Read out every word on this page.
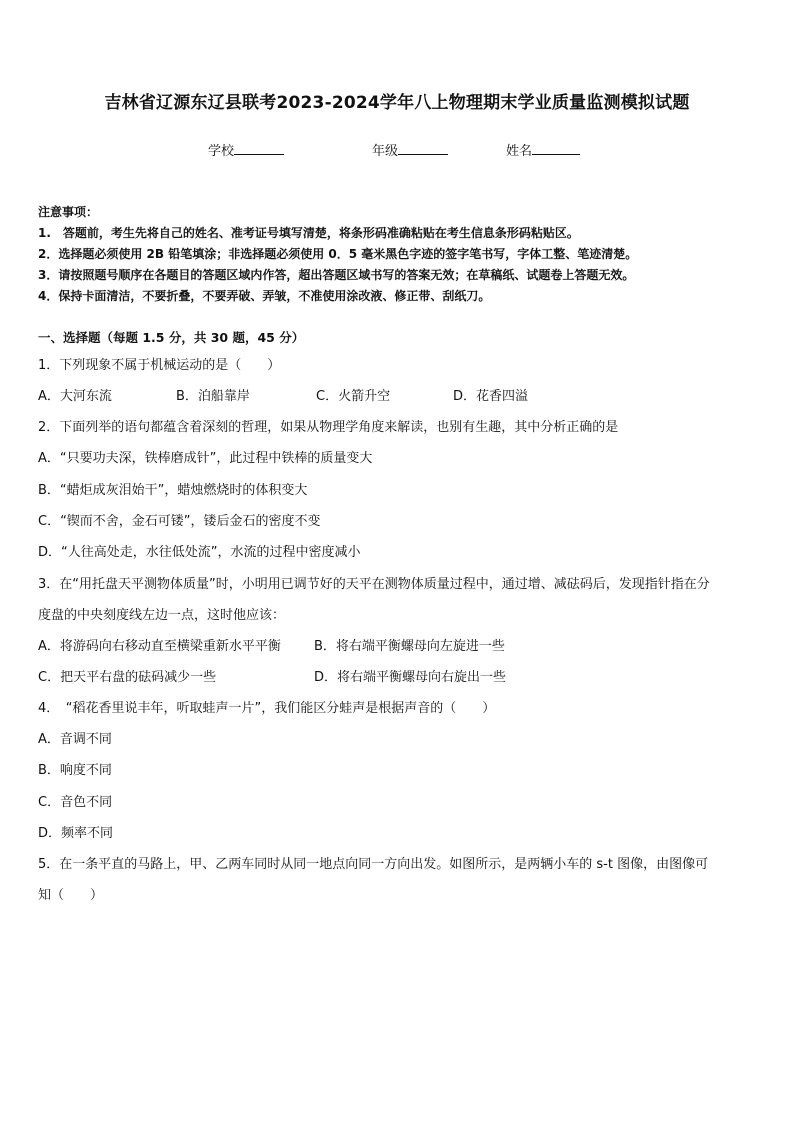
吉林省辽源东辽县联考2023-2024学年八上物理期末学业质量监测模拟试题
学校	年级	姓名
注意事项：
1.　答题前，考生先将自己的姓名、准考证号填写清楚，将条形码准确粘贴在考生信息条形码粘贴区。
2．选择题必须使用 2B 铅笔填涂；非选择题必须使用 0．5 毫米黑色字迹的签字笔书写，字体工整、笔迹清楚。
3．请按照题号顺序在各题目的答题区域内作答，超出答题区域书写的答案无效；在草稿纸、试题卷上答题无效。
4．保持卡面清洁，不要折叠，不要弄破、弄皱，不准使用涂改液、修正带、刮纸刀。
一、选择题（每题 1.5 分，共 30 题，45 分）
1．下列现象不属于机械运动的是（　　）
A．大河东流	B．泊船靠岸	C．火箭升空	D．花香四溢
2．下面列举的语句都蕴含着深刻的哲理，如果从物理学角度来解读，也别有生趣，其中分析正确的是
A．“只要功夫深，铁棒磨成针”，此过程中铁棒的质量变大
B．“蜡炬成灰泪始干”，蜡烛燃烧时的体积变大
C．“锲而不舍，金石可镂”，镂后金石的密度不变
D．“人往高处走，水往低处流”，水流的过程中密度减小
3．在“用托盘天平测物体质量”时，小明用已调节好的天平在测物体质量过程中，通过增、减砝码后，发现指针指在分
度盘的中央刻度线左边一点，这时他应该：
A．将游码向右移动直至横梁重新水平平衡	B．将右端平衡螺母向左旋进一些
C．把天平右盘的砝码减少一些	D．将右端平衡螺母向右旋出一些
4．　“稻花香里说丰年，听取蛙声一片”，我们能区分蛙声是根据声音的（　　）
A．音调不同
B．响度不同
C．音色不同
D．频率不同
5．在一条平直的马路上，甲、乙两车同时从同一地点向同一方向出发。如图所示，是两辆小车的 s-t 图像，由图像可
知（　　）
